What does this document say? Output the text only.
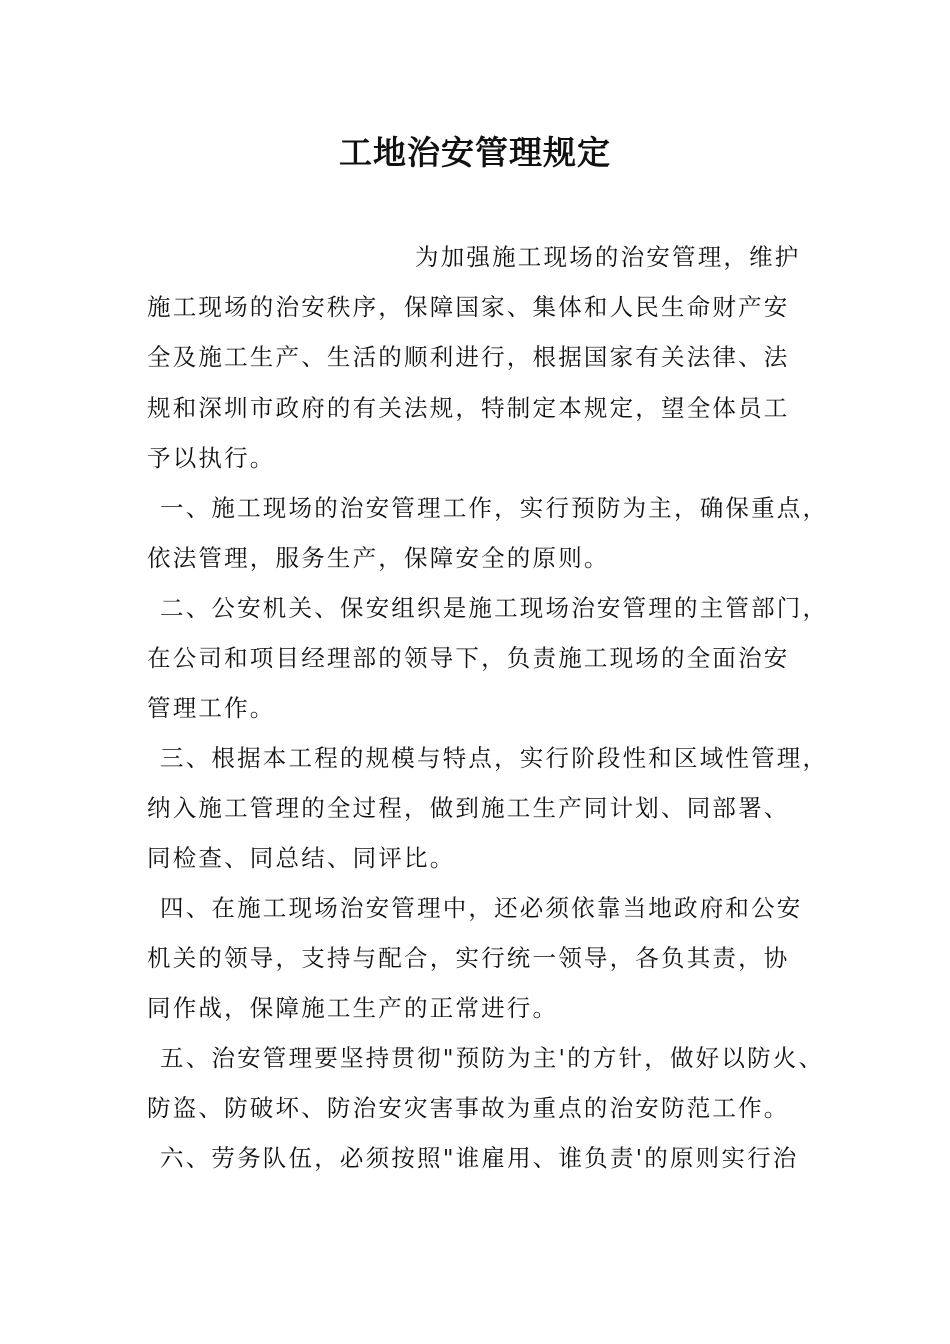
工地治安管理规定
为加强施工现场的治安管理，维护
施工现场的治安秩序，保障国家、集体和人民生命财产安
全及施工生产、生活的顺利进行，根据国家有关法律、法
规和深圳市政府的有关法规，特制定本规定，望全体员工
予以执行。
一、施工现场的治安管理工作，实行预防为主，确保重点，
依法管理，服务生产，保障安全的原则。
二、公安机关、保安组织是施工现场治安管理的主管部门，
在公司和项目经理部的领导下，负责施工现场的全面治安
管理工作。
三、根据本工程的规模与特点，实行阶段性和区域性管理，
纳入施工管理的全过程，做到施工生产同计划、同部署、
同检查、同总结、同评比。
四、在施工现场治安管理中，还必须依靠当地政府和公安
机关的领导，支持与配合，实行统一领导，各负其责，协
同作战，保障施工生产的正常进行。
五、治安管理要坚持贯彻"预防为主'的方针，做好以防火、
防盗、防破坏、防治安灾害事故为重点的治安防范工作。
六、劳务队伍，必须按照"谁雇用、谁负责'的原则实行治
